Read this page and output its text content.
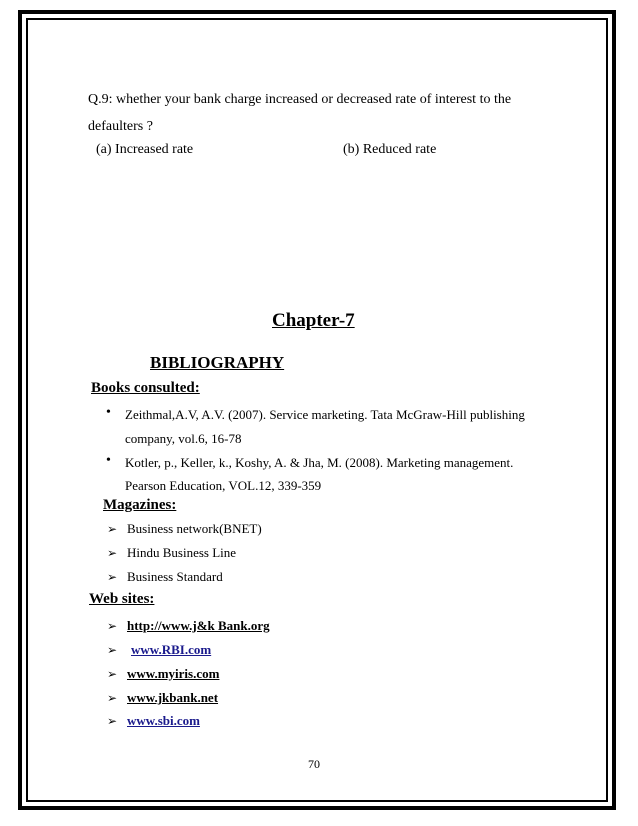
Q.9: whether your bank charge increased or decreased rate of interest to the
defaulters ?
(a) Increased rate	(b) Reduced rate
Chapter-7
BIBLIOGRAPHY
Books consulted:
• Zeithmal,A.V, A.V. (2007). Service marketing. Tata McGraw-Hill publishing
company, vol.6, 16-78
• Kotler, p., Keller, k., Koshy, A. & Jha, M. (2008). Marketing management.
Pearson Education, VOL.12, 339-359
Magazines:
➢ Business network(BNET)
➢ Hindu Business Line
➢ Business Standard
Web sites:
➢ http://www.j&k Bank.org
➢ www.RBI.com
➢ www.myiris.com
➢ www.jkbank.net
➢ www.sbi.com
70
